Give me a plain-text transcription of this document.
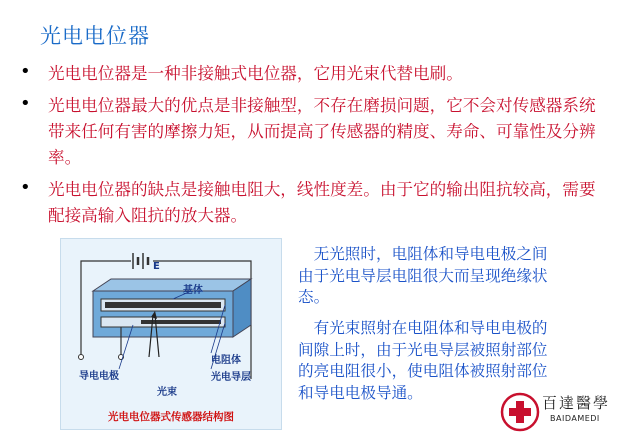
光电电位器
• 光电电位器是一种非接触式电位器，它用光束代替电刷。
• 光电电位器最大的优点是非接触型，不存在磨损问题，它不会对传感器系统带来任何有害的摩擦力矩，从而提高了传感器的精度、寿命、可靠性及分辨率。
• 光电电位器的缺点是接触电阻大，线性度差。由于它的输出阻抗较高，需要配接高输入阻抗的放大器。
E
基体
电阻体
光电导层
导电电极
光束
光电电位器式传感器结构图
　无光照时，电阻体和导电电极之间由于光电导层电阻很大而呈现绝缘状态。
　有光束照射在电阻体和导电电极的间隙上时，由于光电导层被照射部位的亮电阻很小，使电阻体被照射部位和导电电极导通。
百達醫學
BAIDAMEDI
